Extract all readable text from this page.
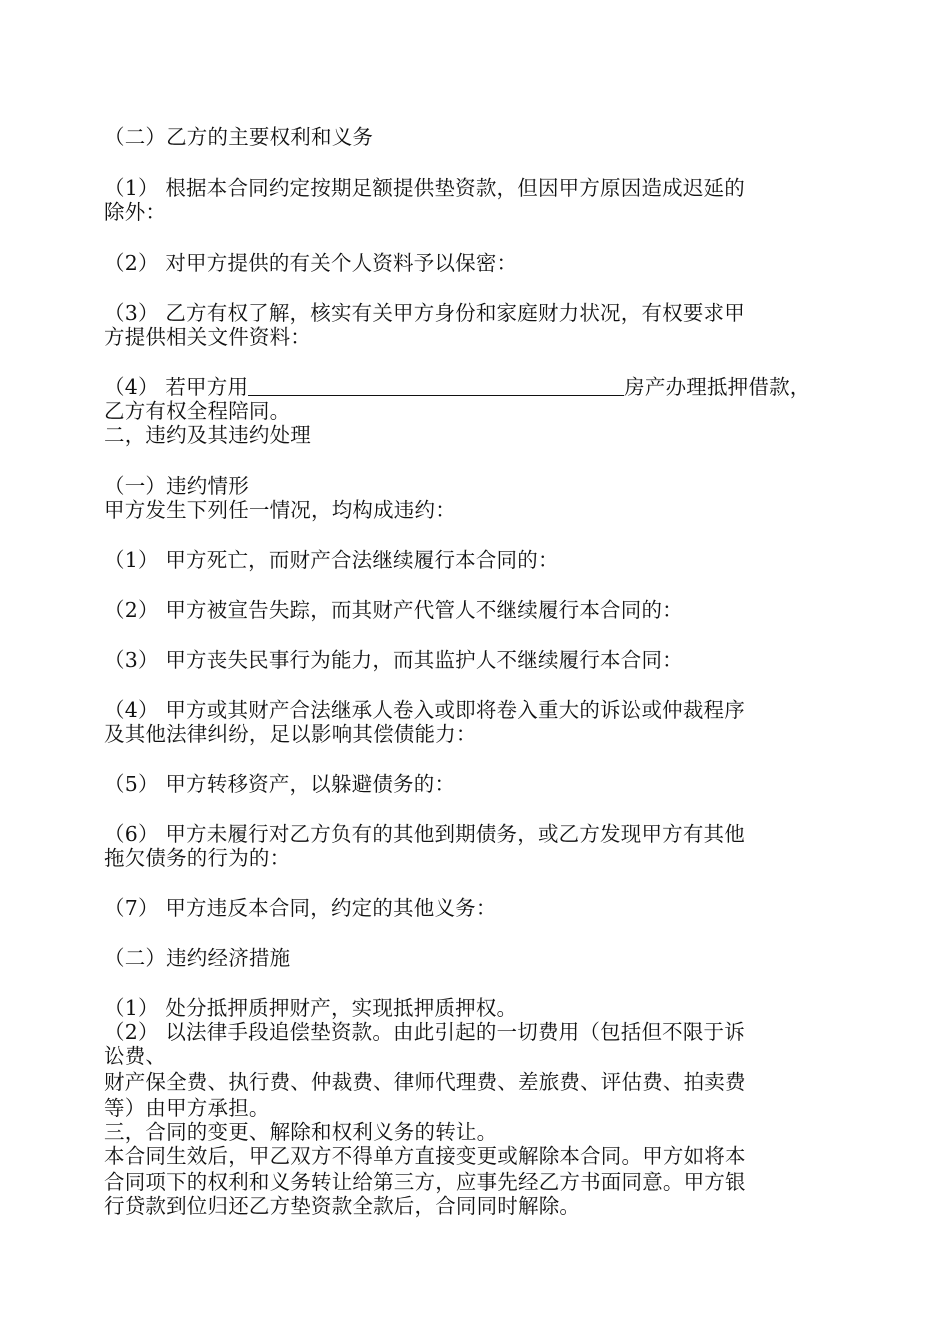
（二）乙方的主要权利和义务
（1） 根据本合同约定按期足额提供垫资款，但因甲方原因造成迟延的
除外：
（2） 对甲方提供的有关个人资料予以保密：
（3） 乙方有权了解，核实有关甲方身份和家庭财力状况，有权要求甲
方提供相关文件资料：
（4） 若甲方用	房产办理抵押借款，
乙方有权全程陪同。
二，违约及其违约处理
（一）违约情形
甲方发生下列任一情况，均构成违约：
（1） 甲方死亡，而财产合法继续履行本合同的：
（2） 甲方被宣告失踪，而其财产代管人不继续履行本合同的：
（3） 甲方丧失民事行为能力，而其监护人不继续履行本合同：
（4） 甲方或其财产合法继承人卷入或即将卷入重大的诉讼或仲裁程序
及其他法律纠纷，足以影响其偿债能力：
（5） 甲方转移资产，以躲避债务的：
（6） 甲方未履行对乙方负有的其他到期债务，或乙方发现甲方有其他
拖欠债务的行为的：
（7） 甲方违反本合同，约定的其他义务：
（二）违约经济措施
（1） 处分抵押质押财产，实现抵押质押权。
（2） 以法律手段追偿垫资款。由此引起的一切费用（包括但不限于诉
讼费、
财产保全费、执行费、仲裁费、律师代理费、差旅费、评估费、拍卖费
等）由甲方承担。
三，合同的变更、解除和权利义务的转让。
本合同生效后，甲乙双方不得单方直接变更或解除本合同。甲方如将本
合同项下的权利和义务转让给第三方，应事先经乙方书面同意。甲方银
行贷款到位归还乙方垫资款全款后，合同同时解除。
